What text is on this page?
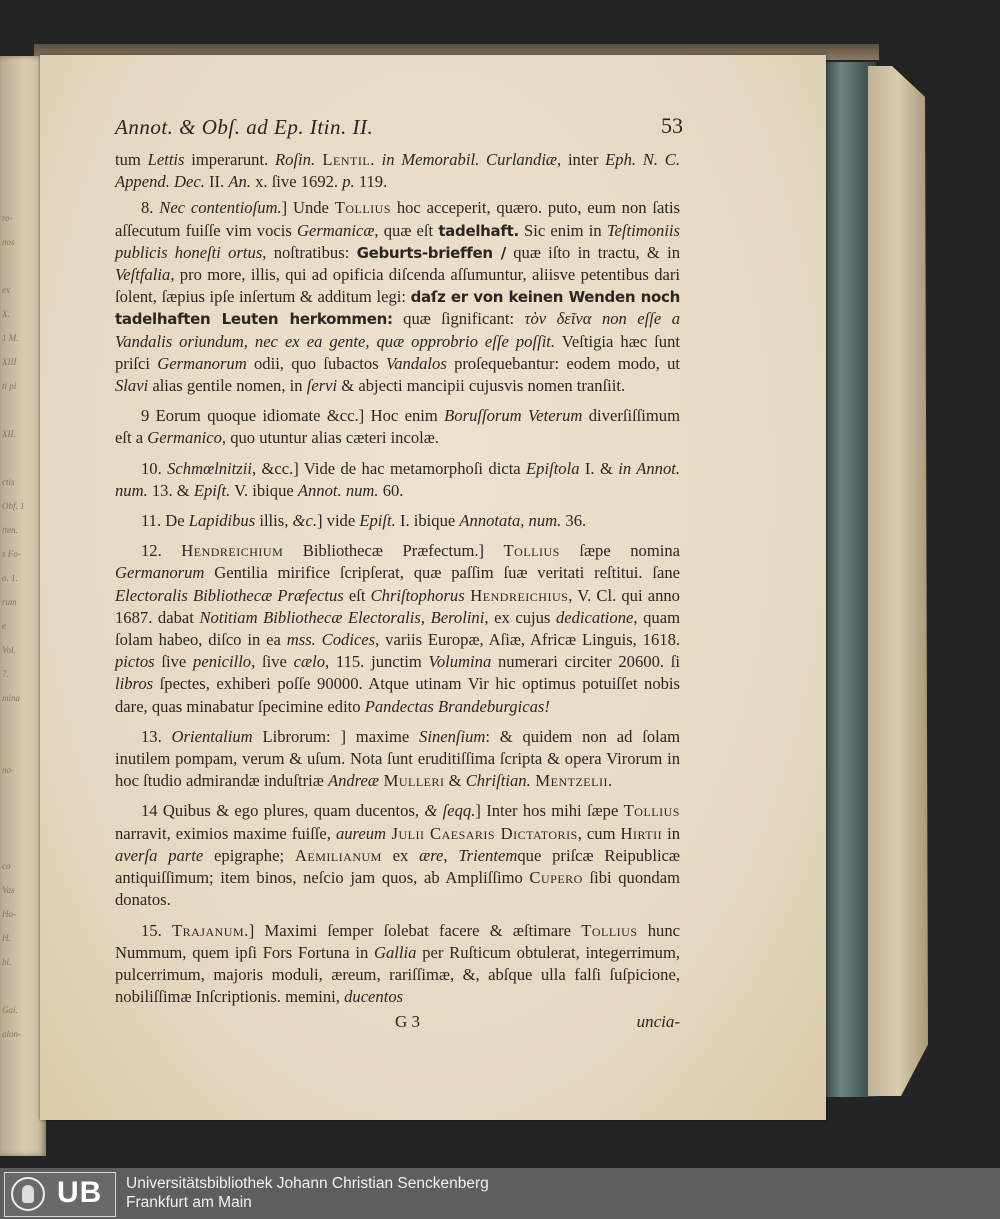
ro-
nos

ex
X.
1 M.
XIII
ti pi

XII.

ctis
Obf. 1
tten.
s Fo-
o. 1.
rum
e
Vol.
7.
mina

no-

co
Vas
Ho-
H.
bi.

Gai.
alon-
Annot. & Obſ. ad Ep. Itin. II.	53

tum Lettis imperarunt. Roſin. Lentil. in Memorabil. Curlandiæ, inter Eph. N. C. Append. Dec. II. An. x. ſive 1692. p. 119.

8. Nec contentioſum.] Unde Tollius hoc acceperit, quæro. puto, eum non ſatis aſſecutum fuiſſe vim vocis Germanicæ, quæ eſt tadelhaft. Sic enim in Teſtimoniis publicis honeſti ortus, noſtratibus: Geburts-brieffen / quæ iſto in tractu, & in Veſtfalia, pro more, illis, qui ad opificia diſcenda aſſumuntur, aliisve petentibus dari ſolent, ſæpius ipſe inſertum & additum legi: daſz er von keinen Wenden noch tadelhaften Leuten herkommen: quæ ſignificant: τὸν δεῖνα non eſſe a Vandalis oriundum, nec ex ea gente, quæ opprobrio eſſe poſſit. Veſtigia hæc ſunt priſci Germanorum odii, quo ſubactos Vandalos proſequebantur: eodem modo, ut Slavi alias gentile nomen, in ſervi & abjecti mancipii cujusvis nomen tranſiit.

9 Eorum quoque idiomate &cc.] Hoc enim Boruſſorum Veterum diverſiſſimum eſt a Germanico, quo utuntur alias cæteri incolæ.

10. Schmœlnitzii, &cc.] Vide de hac metamorphoſi dicta Epiſtola I. & in Annot. num. 13. & Epiſt. V. ibique Annot. num. 60.

11. De Lapidibus illis, &c.] vide Epiſt. I. ibique Annotata, num. 36.

12. Hendreichium Bibliothecæ Præfectum.] Tollius ſæpe nomina Germanorum Gentilia mirifice ſcripſerat, quæ paſſim ſuæ veritati reſtitui. ſane Electoralis Bibliothecæ Præfectus eſt Chriſtophorus Hendreichius, V. Cl. qui anno 1687. dabat Notitiam Bibliothecæ Electoralis, Berolini, ex cujus dedicatione, quam ſolam habeo, diſco in ea mss. Codices, variis Europæ, Aſiæ, Africæ Linguis, 1618. pictos ſive penicillo, ſive cælo, 115. junctim Volumina numerari circiter 20600. ſi libros ſpectes, exhiberi poſſe 90000. Atque utinam Vir hic optimus potuiſſet nobis dare, quas minabatur ſpecimine edito Pandectas Brandeburgicas!

13. Orientalium Librorum: ] maxime Sinenſium: & quidem non ad ſolam inutilem pompam, verum & uſum. Nota ſunt eruditiſſima ſcripta & opera Virorum in hoc ſtudio admirandæ induſtriæ Andreæ Mulleri & Chriſtian. Mentzelii.

14 Quibus & ego plures, quam ducentos, & ſeqq.] Inter hos mihi ſæpe Tollius narravit, eximios maxime fuiſſe, aureum Julii Caesaris Dictatoris, cum Hirtii in averſa parte epigraphe; Aemilianum ex ære, Trientemque priſcæ Reipublicæ antiquiſſimum; item binos, neſcio jam quos, ab Ampliſſimo Cupero ſibi quondam donatos.

15. Trajanum.] Maximi ſemper ſolebat facere & æſtimare Tollius hunc Nummum, quem ipſi Fors Fortuna in Gallia per Ruſticum obtulerat, integerrimum, pulcerrimum, majoris moduli, æreum, rariſſimæ, &, abſque ulla falſi ſuſpicione, nobiliſſimæ Inſcriptionis. memini, ducentos

G 3	uncia-
UB Universitätsbibliothek Johann Christian Senckenberg
Frankfurt am Main
